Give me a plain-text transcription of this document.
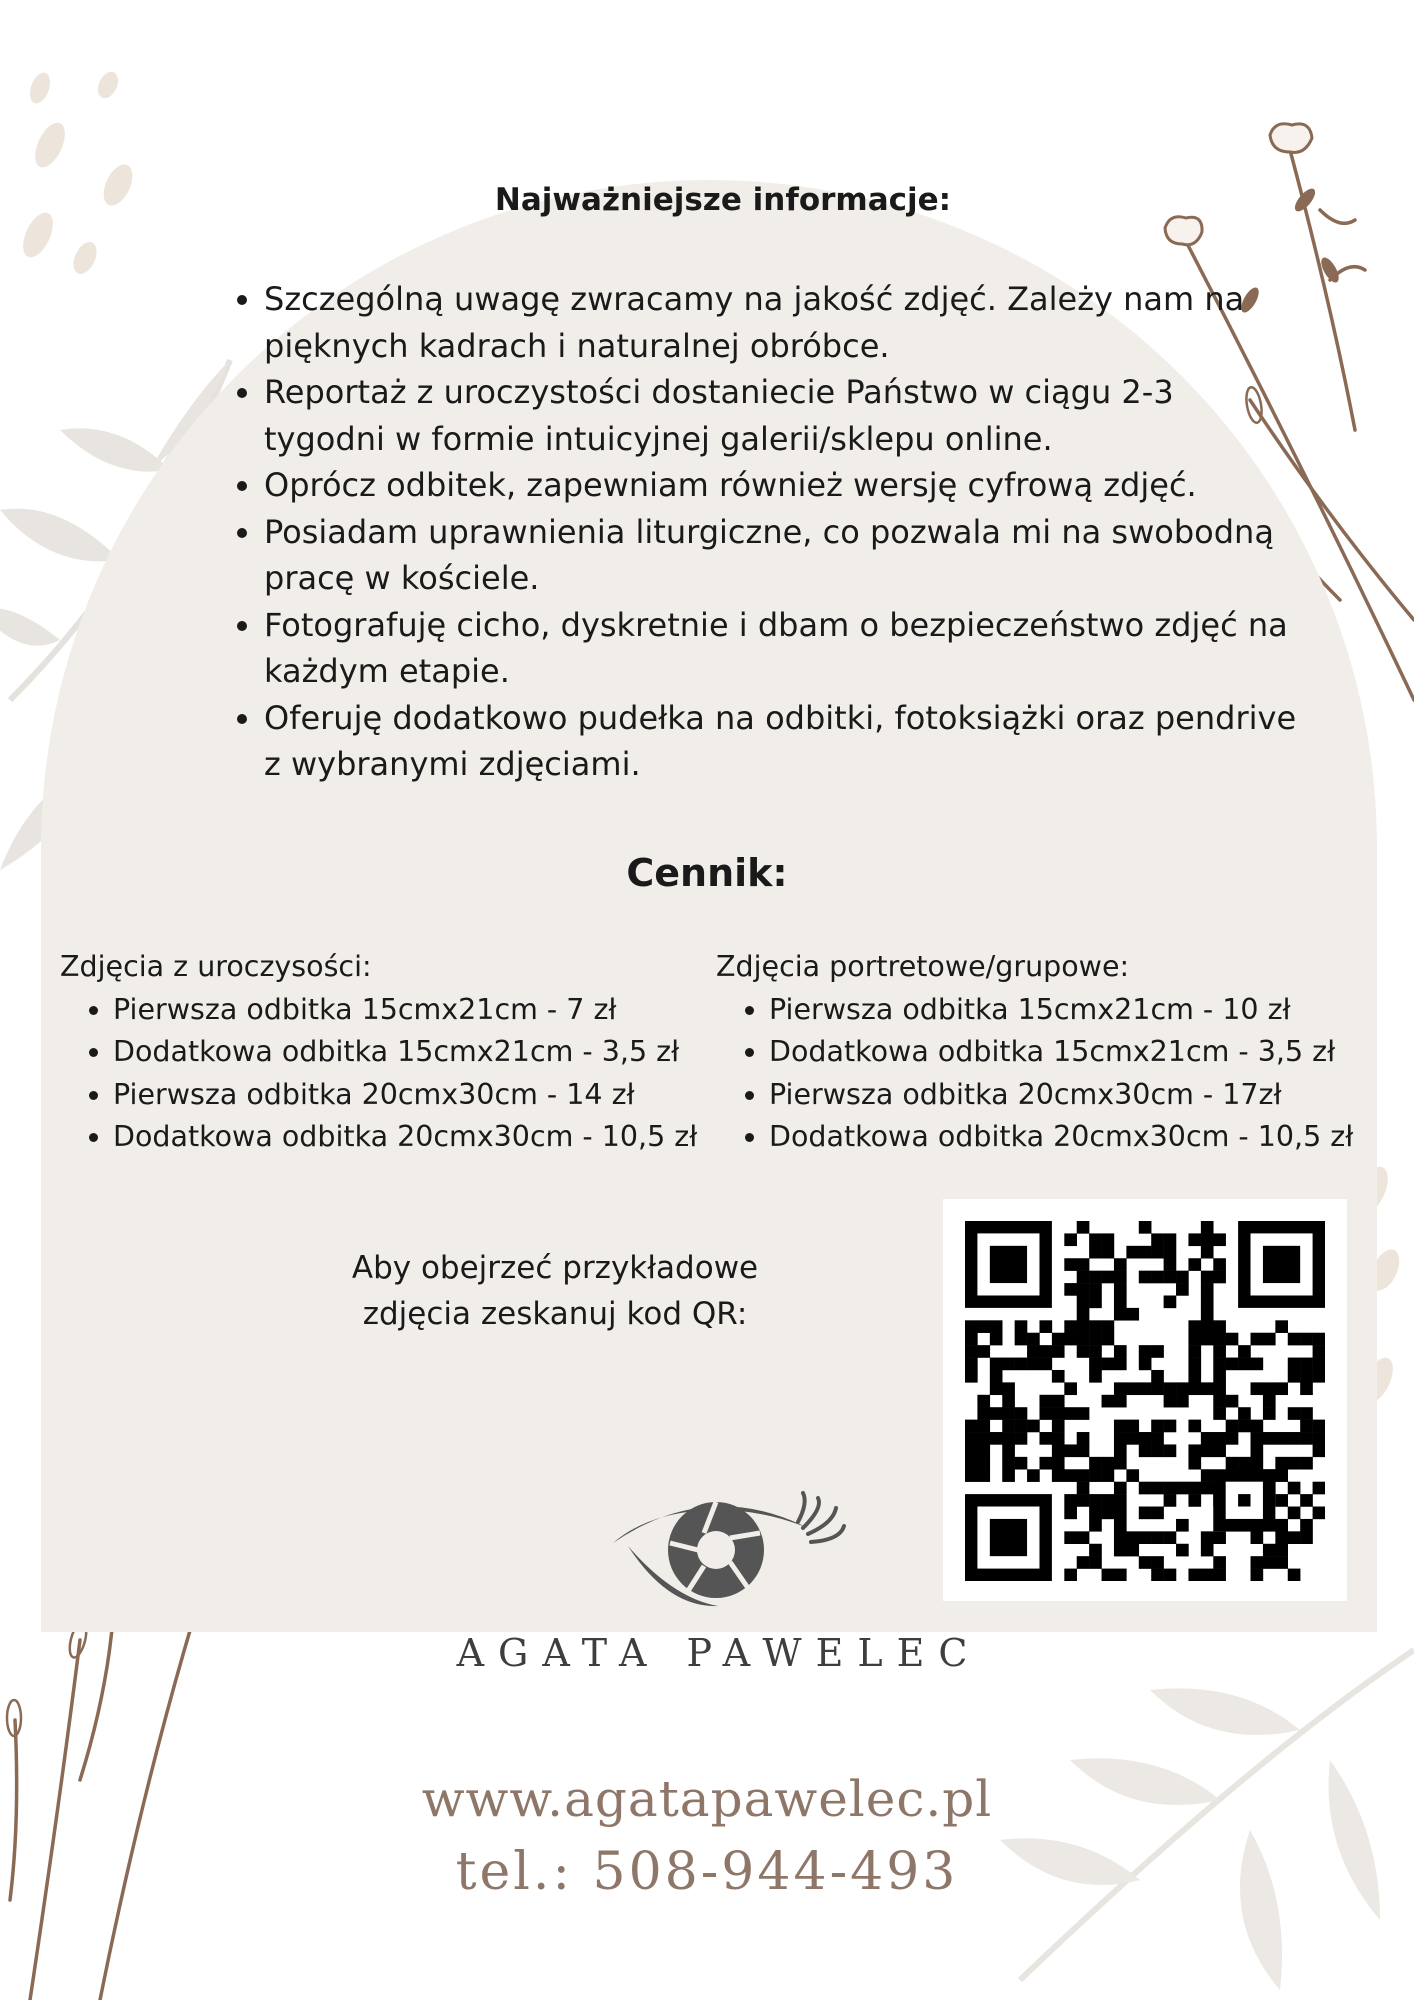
Najważniejsze informacje:
• Szczególną uwagę zwracamy na jakość zdjęć. Zależy nam na pięknych kadrach i naturalnej obróbce.
• Reportaż z uroczystości dostaniecie Państwo w ciągu 2-3 tygodni w formie intuicyjnej galerii/sklepu online.
• Oprócz odbitek, zapewniam również wersję cyfrową zdjęć.
• Posiadam uprawnienia liturgiczne, co pozwala mi na swobodną pracę w kościele.
• Fotografuję cicho, dyskretnie i dbam o bezpieczeństwo zdjęć na każdym etapie.
• Oferuję dodatkowo pudełka na odbitki, fotoksiążki oraz pendrive z wybranymi zdjęciami.
Cennik:

Zdjęcia z uroczysości:

• Pierwsza odbitka 15cmx21cm - 7 zł
• Dodatkowa odbitka 15cmx21cm - 3,5 zł
• Pierwsza odbitka 20cmx30cm - 14 zł
• Dodatkowa odbitka 20cmx30cm - 10,5 zł

Zdjęcia portretowe/grupowe:

• Pierwsza odbitka 15cmx21cm - 10 zł
• Dodatkowa odbitka 15cmx21cm - 3,5 zł
• Pierwsza odbitka 20cmx30cm - 17zł
• Dodatkowa odbitka 20cmx30cm - 10,5 zł
Aby obejrzeć przykładowe
zdjęcia zeskanuj kod QR:
AGATA PAWELEC
www.agatapawelec.pl
tel.: 508-944-493
